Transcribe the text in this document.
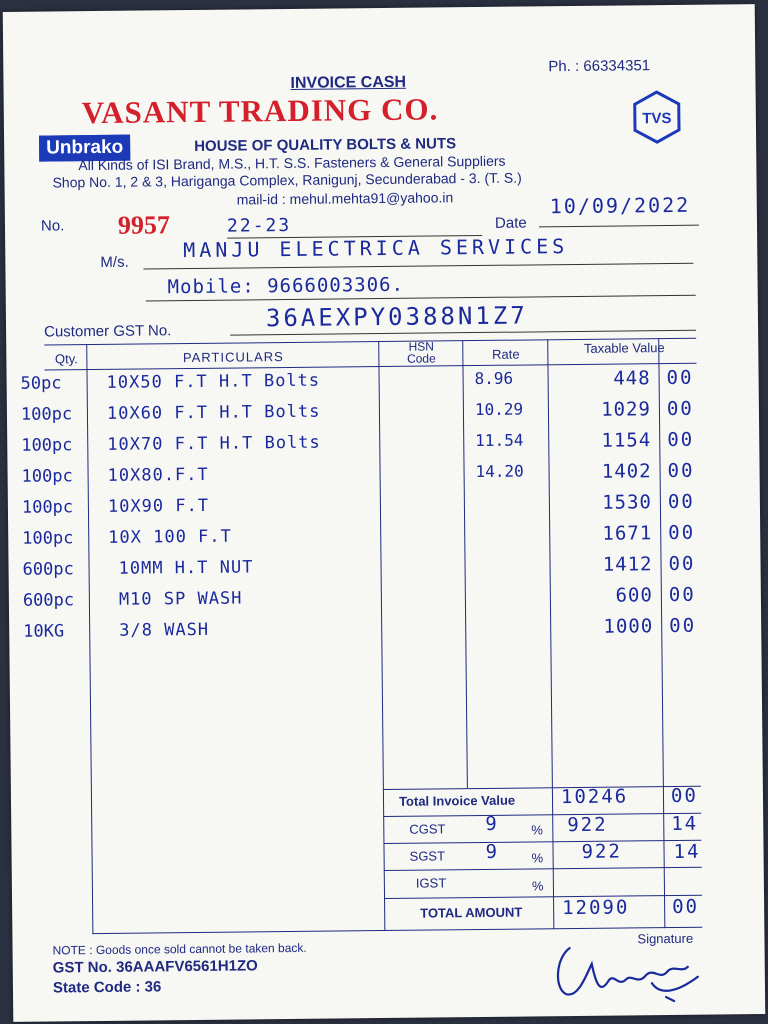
INVOICE CASH
Ph. : 66334351
VASANT TRADING CO.	TVS
Unbrako	HOUSE OF QUALITY BOLTS & NUTS
All Kinds of ISI Brand, M.S., H.T. S.S. Fasteners & General Suppliers
Shop No. 1, 2 & 3, Hariganga Complex, Ranigunj, Secunderabad - 3. (T. S.)
mail-id : mehul.mehta91@yahoo.in
No. 9957	22-23	Date
10/09/2022
M/s.
MANJU ELECTRICA SERVICES
Mobile: 9666003306.
Customer GST No.	36AEXPY0388N1Z7
Qty.	PARTICULARS
HSN Code	Rate	Taxable Value
50pc	10X50 F.T H.T Bolts	8.96	448 00
100pc 10X60 F.T H.T Bolts	10.29	1029 00
100pc 10X70 F.T H.T Bolts	11.54	1154 00
100pc 10X80.F.T	14.20	1402 00
100pc 10X90 F.T	1530 00
100pc 10X 100 F.T	1671 00
600pc	10MM H.T NUT	1412 00
600pc	M10 SP WASH	600 00
10KG	3/8 WASH	1000 00
Total Invoice Value 10246 00
CGST 9 % 922	14
SGST 9 % 922	14
IGST	%
TOTAL AMOUNT 12090 00
NOTE : Goods once sold cannot be taken back.
GST No. 36AAAFV6561H1ZO
State Code : 36
Signature
